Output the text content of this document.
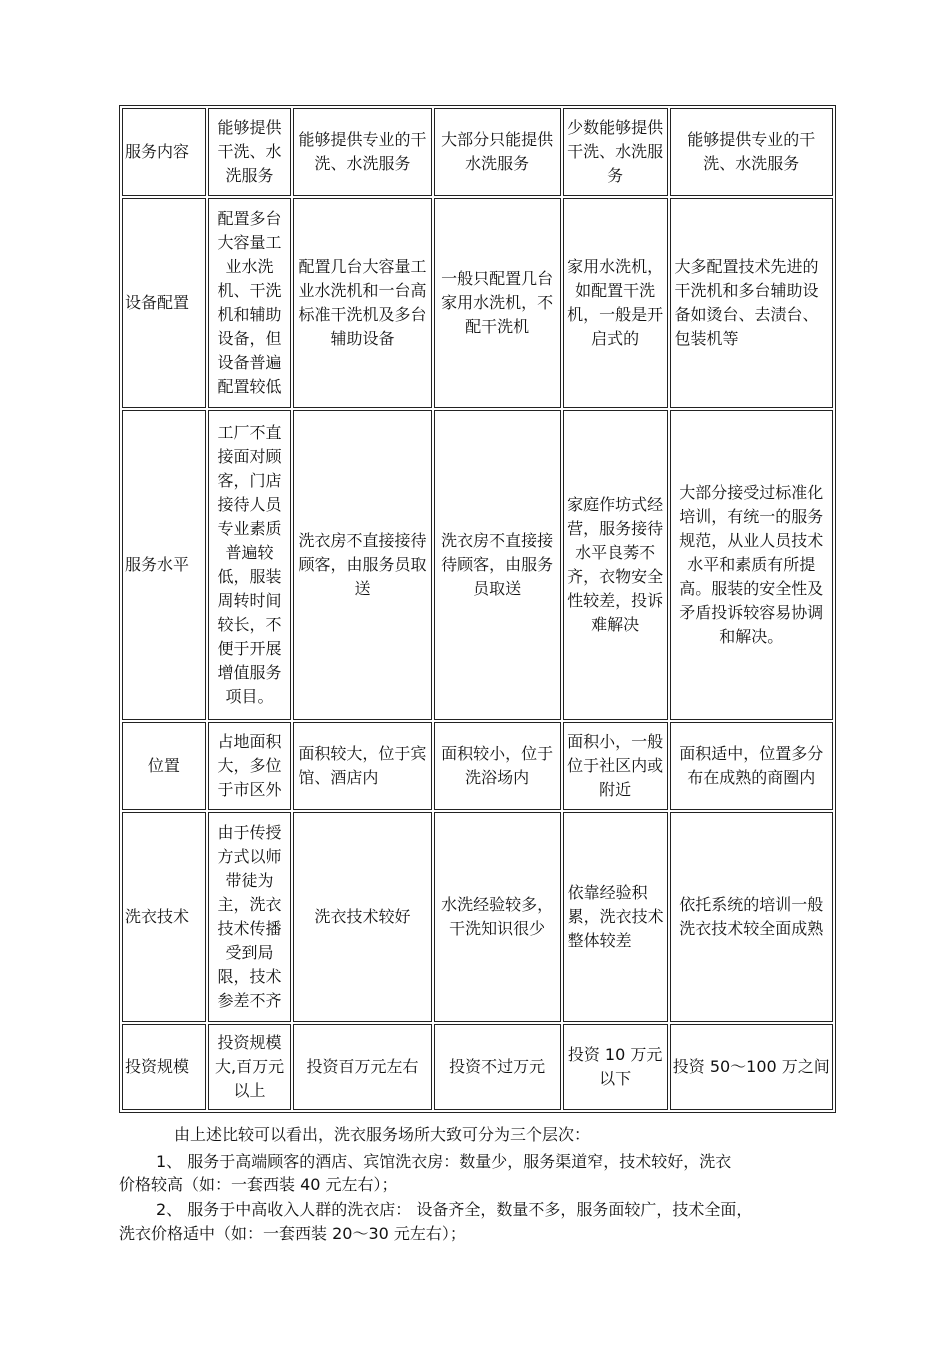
服务内容	能够提供干洗、水洗服务	能够提供专业的干洗、水洗服务	大部分只能提供水洗服务	少数能够提供干洗、水洗服务	能够提供专业的干洗、水洗服务
设备配置	配置多台大容量工业水洗机、干洗机和辅助设备，但设备普遍配置较低	配置几台大容量工业水洗机和一台高标准干洗机及多台辅助设备	一般只配置几台家用水洗机，不配干洗机	家用水洗机，如配置干洗机，一般是开启式的	大多配置技术先进的干洗机和多台辅助设备如烫台、去渍台、包装机等
服务水平	工厂不直接面对顾客，门店接待人员专业素质普遍较低，服装周转时间较长，不便于开展增值服务项目。	洗衣房不直接接待顾客，由服务员取送	洗衣房不直接接待顾客，由服务员取送	家庭作坊式经营，服务接待水平良莠不齐，衣物安全性较差，投诉难解决	大部分接受过标准化培训，有统一的服务规范，从业人员技术水平和素质有所提高。服装的安全性及矛盾投诉较容易协调和解决。
位置	占地面积大，多位于市区外	面积较大，位于宾馆、酒店内	面积较小，位于洗浴场内	面积小，一般位于社区内或附近	面积适中，位置多分布在成熟的商圈内
洗衣技术	由于传授方式以师带徒为主，洗衣技术传播受到局限，技术参差不齐	洗衣技术较好	水洗经验较多，干洗知识很少	依靠经验积累，洗衣技术整体较差	依托系统的培训一般洗衣技术较全面成熟
投资规模	投资规模大,百万元以上	投资百万元左右	投资不过万元	投资 10 万元以下	投资 50～100 万之间

由上述比较可以看出，洗衣服务场所大致可分为三个层次：

1、 服务于高端顾客的酒店、宾馆洗衣房：数量少，服务渠道窄，技术较好，洗衣

价格较高（如：一套西装 40 元左右）；

2、 服务于中高收入人群的洗衣店： 设备齐全，数量不多，服务面较广，技术全面，

洗衣价格适中（如：一套西装 20～30 元左右）；
